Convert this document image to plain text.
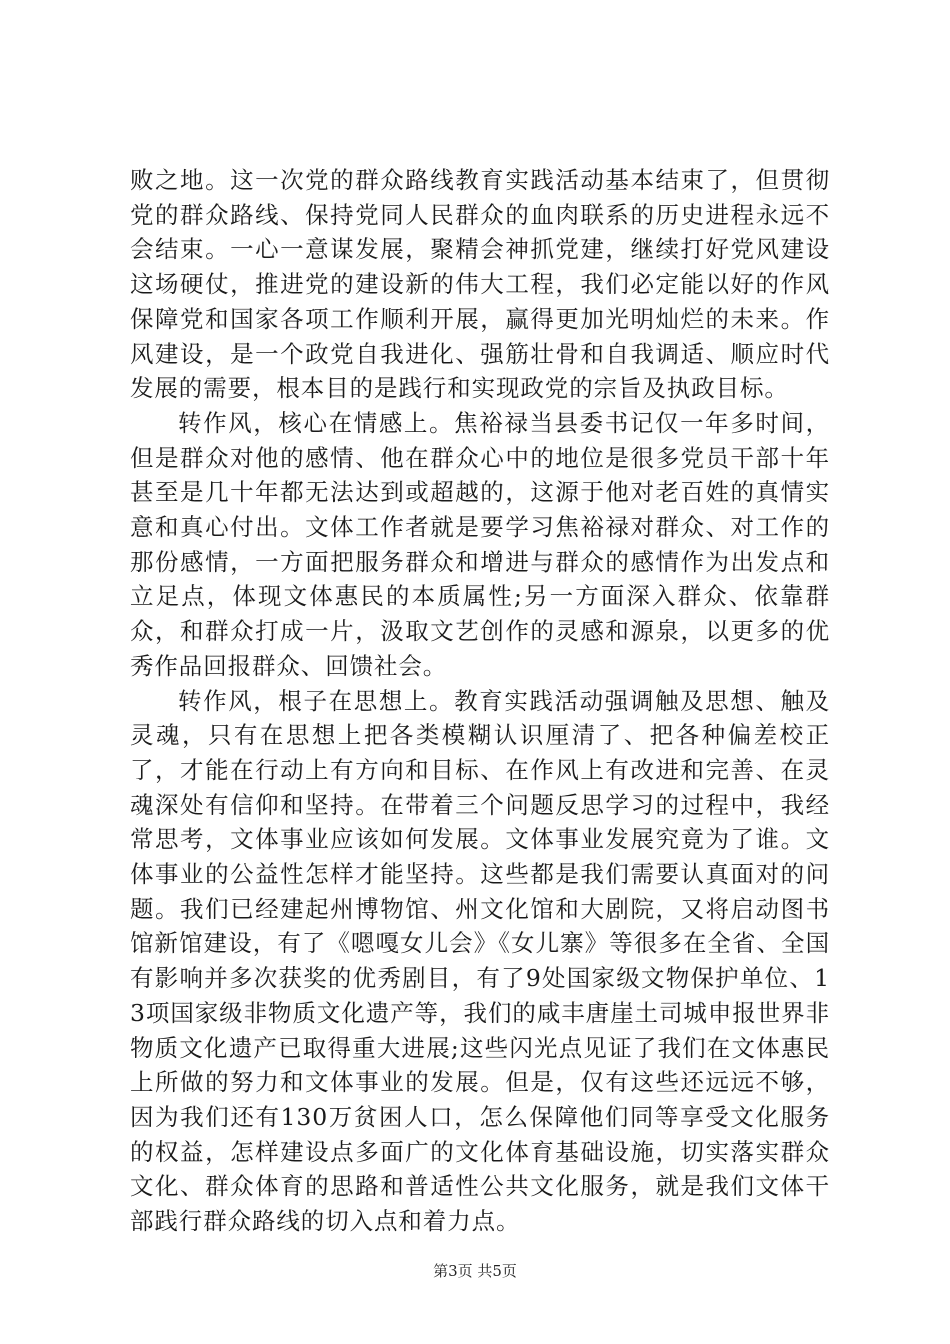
败之地。这一次党的群众路线教育实践活动基本结束了，但贯彻党的群众路线、保持党同人民群众的血肉联系的历史进程永远不会结束。一心一意谋发展，聚精会神抓党建，继续打好党风建设这场硬仗，推进党的建设新的伟大工程，我们必定能以好的作风保障党和国家各项工作顺利开展，赢得更加光明灿烂的未来。作风建设，是一个政党自我进化、强筋壮骨和自我调适、顺应时代发展的需要，根本目的是践行和实现政党的宗旨及执政目标。

转作风，核心在情感上。焦裕禄当县委书记仅一年多时间，但是群众对他的感情、他在群众心中的地位是很多党员干部十年甚至是几十年都无法达到或超越的，这源于他对老百姓的真情实意和真心付出。文体工作者就是要学习焦裕禄对群众、对工作的那份感情，一方面把服务群众和增进与群众的感情作为出发点和立足点，体现文体惠民的本质属性;另一方面深入群众、依靠群众，和群众打成一片，汲取文艺创作的灵感和源泉，以更多的优秀作品回报群众、回馈社会。

转作风，根子在思想上。教育实践活动强调触及思想、触及灵魂，只有在思想上把各类模糊认识厘清了、把各种偏差校正了，才能在行动上有方向和目标、在作风上有改进和完善、在灵魂深处有信仰和坚持。在带着三个问题反思学习的过程中，我经常思考，文体事业应该如何发展。文体事业发展究竟为了谁。文体事业的公益性怎样才能坚持。这些都是我们需要认真面对的问题。我们已经建起州博物馆、州文化馆和大剧院，又将启动图书馆新馆建设，有了《嗯嘎女儿会》《女儿寨》等很多在全省、全国有影响并多次获奖的优秀剧目，有了9处国家级文物保护单位、13项国家级非物质文化遗产等，我们的咸丰唐崖土司城申报世界非物质文化遗产已取得重大进展;这些闪光点见证了我们在文体惠民上所做的努力和文体事业的发展。但是，仅有这些还远远不够，因为我们还有130万贫困人口，怎么保障他们同等享受文化服务的权益，怎样建设点多面广的文化体育基础设施，切实落实群众文化、群众体育的思路和普适性公共文化服务，就是我们文体干部践行群众路线的切入点和着力点。

第3页 共5页
